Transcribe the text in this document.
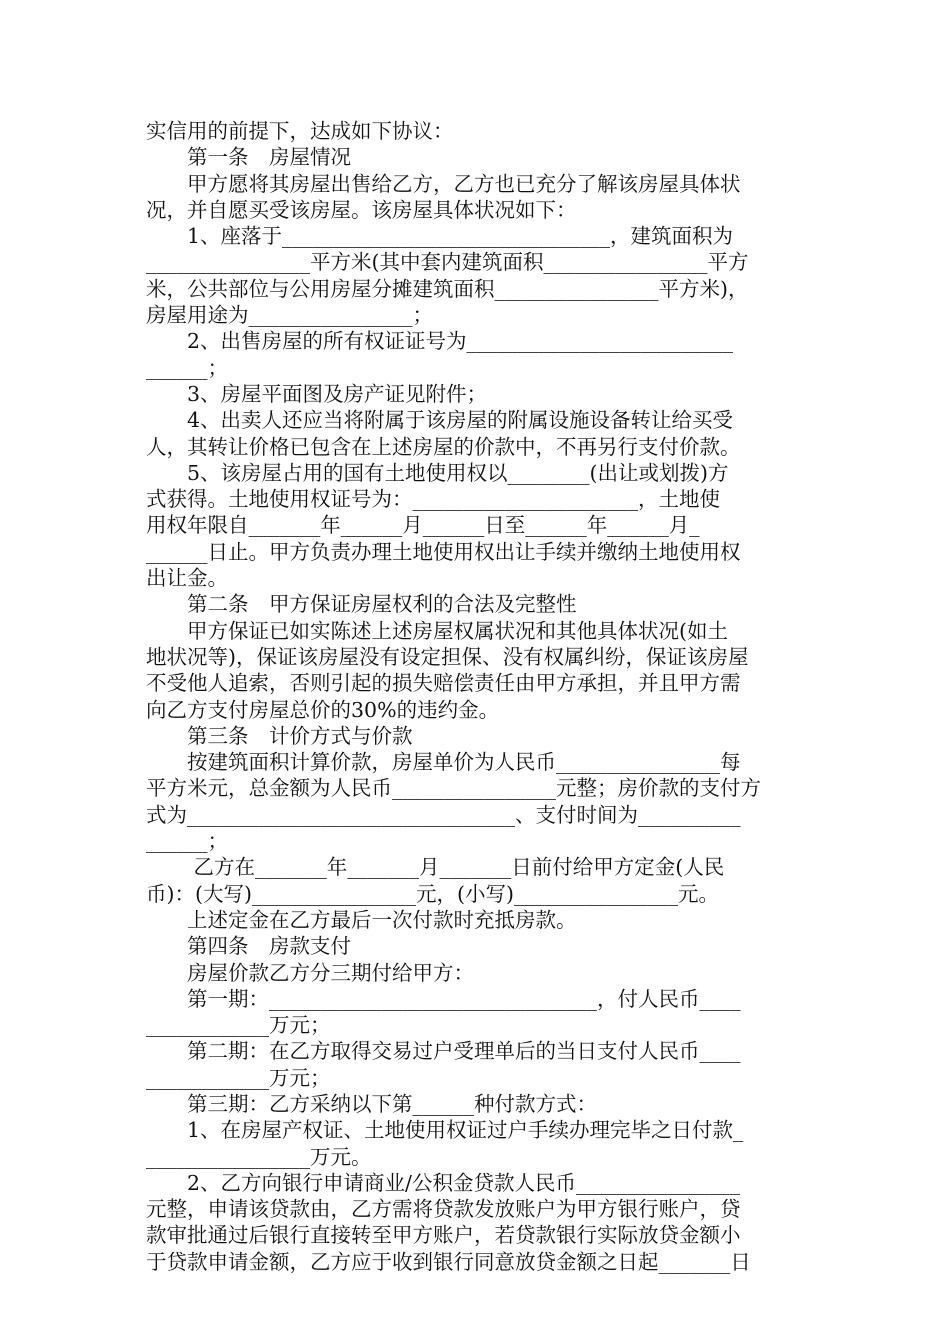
实信用的前提下，达成如下协议：
　　第一条　房屋情况
　　甲方愿将其房屋出售给乙方，乙方也已充分了解该房屋具体状
况，并自愿买受该房屋。该房屋具体状况如下：
　　1、座落于________________________________，建筑面积为
________________平方米(其中套内建筑面积________________平方
米，公共部位与公用房屋分摊建筑面积________________平方米)，
房屋用途为________________；
　　2、出售房屋的所有权证证号为__________________________
______；
　　3、房屋平面图及房产证见附件；
　　4、出卖人还应当将附属于该房屋的附属设施设备转让给买受
人，其转让价格已包含在上述房屋的价款中，不再另行支付价款。
　　5、该房屋占用的国有土地使用权以________(出让或划拨)方
式获得。土地使用权证号为：______________________，土地使
用权年限自_______年______月______日至______年______月_
______日止。甲方负责办理土地使用权出让手续并缴纳土地使用权
出让金。
　　第二条　甲方保证房屋权利的合法及完整性
　　甲方保证已如实陈述上述房屋权属状况和其他具体状况(如土
地状况等)，保证该房屋没有设定担保、没有权属纠纷，保证该房屋
不受他人追索，否则引起的损失赔偿责任由甲方承担，并且甲方需
向乙方支付房屋总价的30%的违约金。
　　第三条　计价方式与价款
　　按建筑面积计算价款，房屋单价为人民币________________每
平方米元，总金额为人民币________________元整；房价款的支付方
式为________________________________、支付时间为__________
______；
　　 乙方在_______年_______月_______日前付给甲方定金(人民
币)：(大写)________________元，(小写)________________元。
　　上述定金在乙方最后一次付款时充抵房款。
　　第四条　房款支付
　　房屋价款乙方分三期付给甲方：
　　第一期：________________________________，付人民币____
____________万元；
　　第二期：在乙方取得交易过户受理单后的当日支付人民币____
____________万元；
　　第三期：乙方采纳以下第______种付款方式：
　　1、在房屋产权证、土地使用权证过户手续办理完毕之日付款_
________________万元。
　　2、乙方向银行申请商业/公积金贷款人民币________________
元整，申请该贷款由，乙方需将贷款发放账户为甲方银行账户，贷
款审批通过后银行直接转至甲方账户，若贷款银行实际放贷金额小
于贷款申请金额，乙方应于收到银行同意放贷金额之日起_______日
